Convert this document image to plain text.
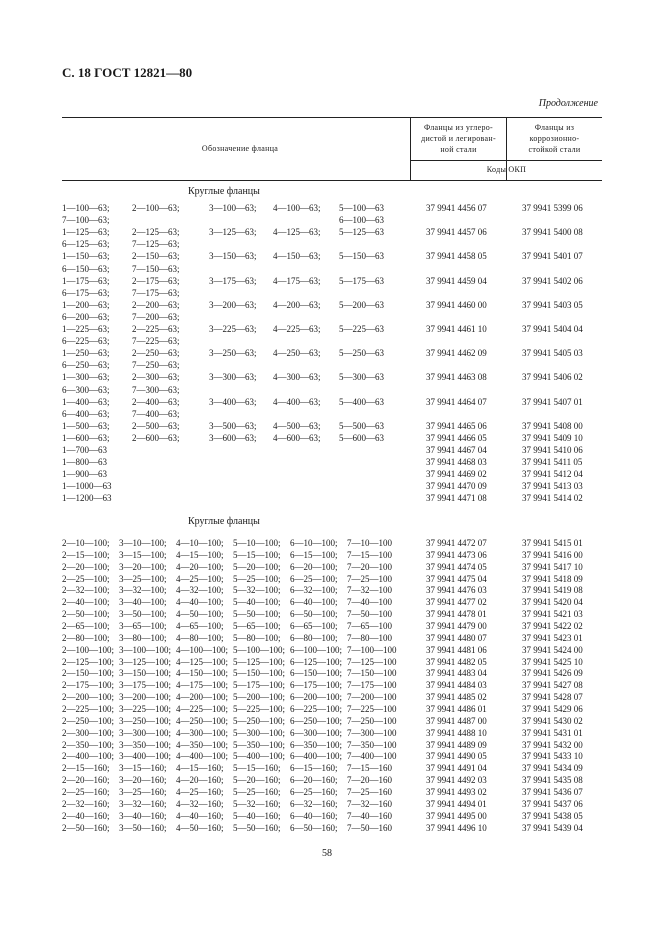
С. 18 ГОСТ 12821—80
Продолжение
Обозначение фланца
Фланцы из углеро-
дистой и легирован-
ной стали
Фланцы из
коррозионно-
стойкой стали
Коды ОКП
Круглые фланцы
1—100—63; 2—100—63;	3—100—63; 4—100—63; 5—100—63	37 9941 4456 07	37 9941 5399 06
7—100—63;	6—100—63
1—125—63; 2—125—63;	3—125—63; 4—125—63; 5—125—63	37 9941 4457 06	37 9941 5400 08
6—125—63; 7—125—63;
1—150—63; 2—150—63;	3—150—63; 4—150—63; 5—150—63	37 9941 4458 05	37 9941 5401 07
6—150—63; 7—150—63;
1—175—63; 2—175—63;	3—175—63; 4—175—63; 5—175—63	37 9941 4459 04	37 9941 5402 06
6—175—63; 7—175—63;
1—200—63; 2—200—63;	3—200—63; 4—200—63; 5—200—63	37 9941 4460 00	37 9941 5403 05
6—200—63; 7—200—63;
1—225—63; 2—225—63;	3—225—63; 4—225—63; 5—225—63	37 9941 4461 10	37 9941 5404 04
6—225—63; 7—225—63;
1—250—63; 2—250—63;	3—250—63; 4—250—63; 5—250—63	37 9941 4462 09	37 9941 5405 03
6—250—63; 7—250—63;
1—300—63; 2—300—63;	3—300—63; 4—300—63; 5—300—63	37 9941 4463 08	37 9941 5406 02
6—300—63; 7—300—63;
1—400—63; 2—400—63;	3—400—63; 4—400—63; 5—400—63	37 9941 4464 07	37 9941 5407 01
6—400—63; 7—400—63;
1—500—63; 2—500—63;	3—500—63; 4—500—63; 5—500—63	37 9941 4465 06	37 9941 5408 00
1—600—63; 2—600—63;	3—600—63; 4—600—63; 5—600—63	37 9941 4466 05	37 9941 5409 10
1—700—63	37 9941 4467 04	37 9941 5410 06
1—800—63	37 9941 4468 03	37 9941 5411 05
1—900—63	37 9941 4469 02	37 9941 5412 04
1—1000—63	37 9941 4470 09	37 9941 5413 03
1—1200—63	37 9941 4471 08	37 9941 5414 02
Круглые фланцы
2—10—100; 3—10—100; 4—10—100; 5—10—100; 6—10—100; 7—10—100	37 9941 4472 07	37 9941 5415 01
2—15—100; 3—15—100; 4—15—100; 5—15—100; 6—15—100; 7—15—100	37 9941 4473 06	37 9941 5416 00
2—20—100; 3—20—100; 4—20—100; 5—20—100; 6—20—100; 7—20—100	37 9941 4474 05	37 9941 5417 10
2—25—100; 3—25—100; 4—25—100; 5—25—100; 6—25—100; 7—25—100	37 9941 4475 04	37 9941 5418 09
2—32—100; 3—32—100; 4—32—100; 5—32—100; 6—32—100; 7—32—100	37 9941 4476 03	37 9941 5419 08
2—40—100; 3—40—100; 4—40—100; 5—40—100; 6—40—100; 7—40—100	37 9941 4477 02	37 9941 5420 04
2—50—100; 3—50—100; 4—50—100; 5—50—100; 6—50—100; 7—50—100	37 9941 4478 01	37 9941 5421 03
2—65—100; 3—65—100; 4—65—100; 5—65—100; 6—65—100; 7—65—100	37 9941 4479 00	37 9941 5422 02
2—80—100; 3—80—100; 4—80—100; 5—80—100; 6—80—100; 7—80—100	37 9941 4480 07	37 9941 5423 01
2—100—100; 3—100—100; 4—100—100; 5—100—100; 6—100—100; 7—100—100	37 9941 4481 06	37 9941 5424 00
2—125—100; 3—125—100; 4—125—100; 5—125—100; 6—125—100; 7—125—100	37 9941 4482 05	37 9941 5425 10
2—150—100; 3—150—100; 4—150—100; 5—150—100; 6—150—100; 7—150—100	37 9941 4483 04	37 9941 5426 09
2—175—100; 3—175—100; 4—175—100; 5—175—100; 6—175—100; 7—175—100	37 9941 4484 03	37 9941 5427 08
2—200—100; 3—200—100; 4—200—100; 5—200—100; 6—200—100; 7—200—100	37 9941 4485 02	37 9941 5428 07
2—225—100; 3—225—100; 4—225—100; 5—225—100; 6—225—100; 7—225—100	37 9941 4486 01	37 9941 5429 06
2—250—100; 3—250—100; 4—250—100; 5—250—100; 6—250—100; 7—250—100	37 9941 4487 00	37 9941 5430 02
2—300—100; 3—300—100; 4—300—100; 5—300—100; 6—300—100; 7—300—100	37 9941 4488 10	37 9941 5431 01
2—350—100; 3—350—100; 4—350—100; 5—350—100; 6—350—100; 7—350—100	37 9941 4489 09	37 9941 5432 00
2—400—100; 3—400—100; 4—400—100; 5—400—100; 6—400—100; 7—400—100	37 9941 4490 05	37 9941 5433 10
2—15—160; 3—15—160; 4—15—160; 5—15—160; 6—15—160; 7—15—160	37 9941 4491 04	37 9941 5434 09
2—20—160; 3—20—160; 4—20—160; 5—20—160; 6—20—160; 7—20—160	37 9941 4492 03	37 9941 5435 08
2—25—160; 3—25—160; 4—25—160; 5—25—160; 6—25—160; 7—25—160	37 9941 4493 02	37 9941 5436 07
2—32—160; 3—32—160; 4—32—160; 5—32—160; 6—32—160; 7—32—160	37 9941 4494 01	37 9941 5437 06
2—40—160; 3—40—160; 4—40—160; 5—40—160; 6—40—160; 7—40—160	37 9941 4495 00	37 9941 5438 05
2—50—160; 3—50—160; 4—50—160; 5—50—160; 6—50—160; 7—50—160	37 9941 4496 10	37 9941 5439 04
58
